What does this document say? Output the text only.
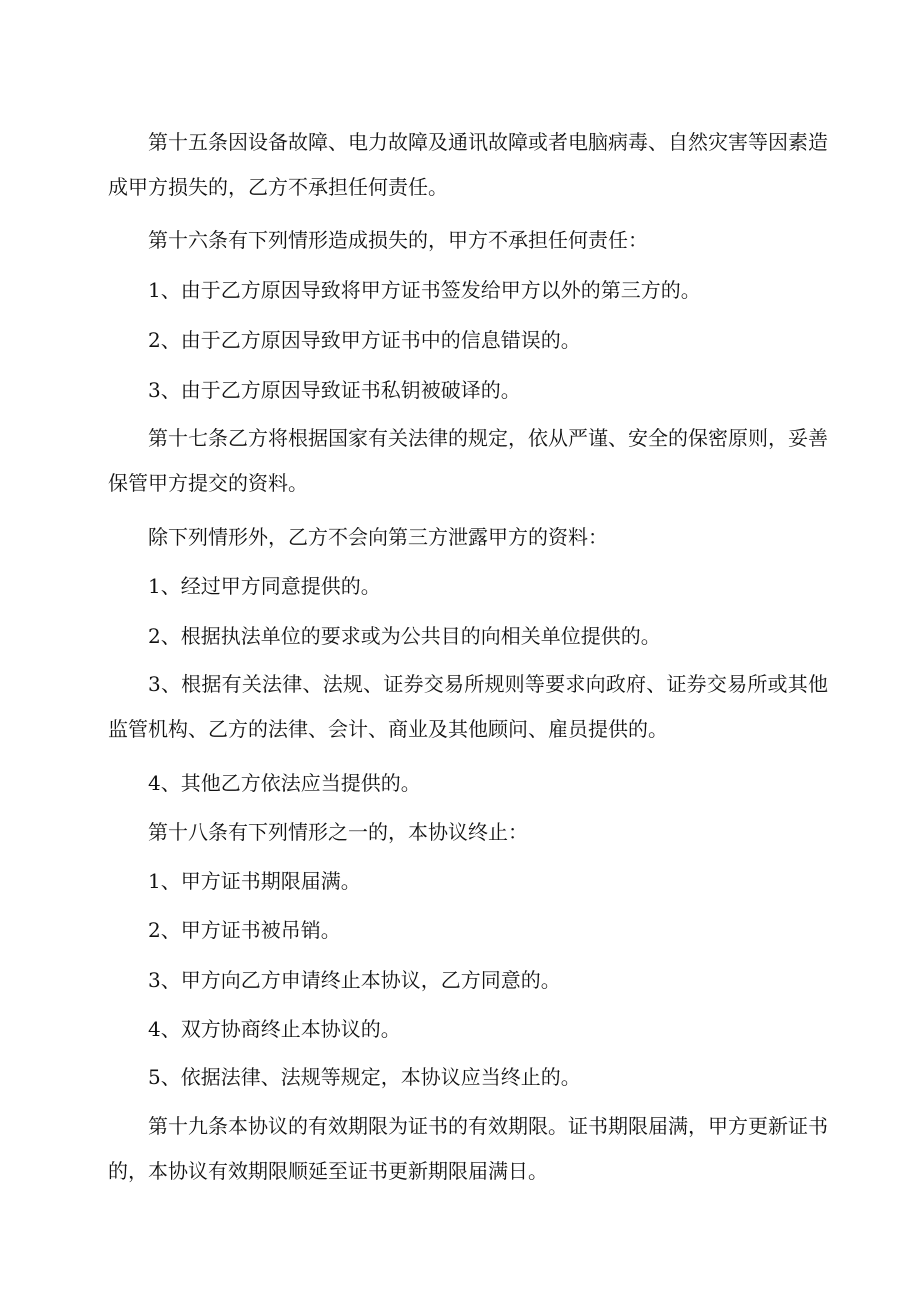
第十五条因设备故障、电力故障及通讯故障或者电脑病毒、自然灾害等因素造成甲方损失的，乙方不承担任何责任。

第十六条有下列情形造成损失的，甲方不承担任何责任：

1、由于乙方原因导致将甲方证书签发给甲方以外的第三方的。

2、由于乙方原因导致甲方证书中的信息错误的。

3、由于乙方原因导致证书私钥被破译的。

第十七条乙方将根据国家有关法律的规定，依从严谨、安全的保密原则，妥善保管甲方提交的资料。

除下列情形外，乙方不会向第三方泄露甲方的资料：

1、经过甲方同意提供的。

2、根据执法单位的要求或为公共目的向相关单位提供的。

3、根据有关法律、法规、证券交易所规则等要求向政府、证券交易所或其他监管机构、乙方的法律、会计、商业及其他顾问、雇员提供的。

4、其他乙方依法应当提供的。

第十八条有下列情形之一的，本协议终止：

1、甲方证书期限届满。

2、甲方证书被吊销。

3、甲方向乙方申请终止本协议，乙方同意的。

4、双方协商终止本协议的。

5、依据法律、法规等规定，本协议应当终止的。

第十九条本协议的有效期限为证书的有效期限。证书期限届满，甲方更新证书的，本协议有效期限顺延至证书更新期限届满日。
